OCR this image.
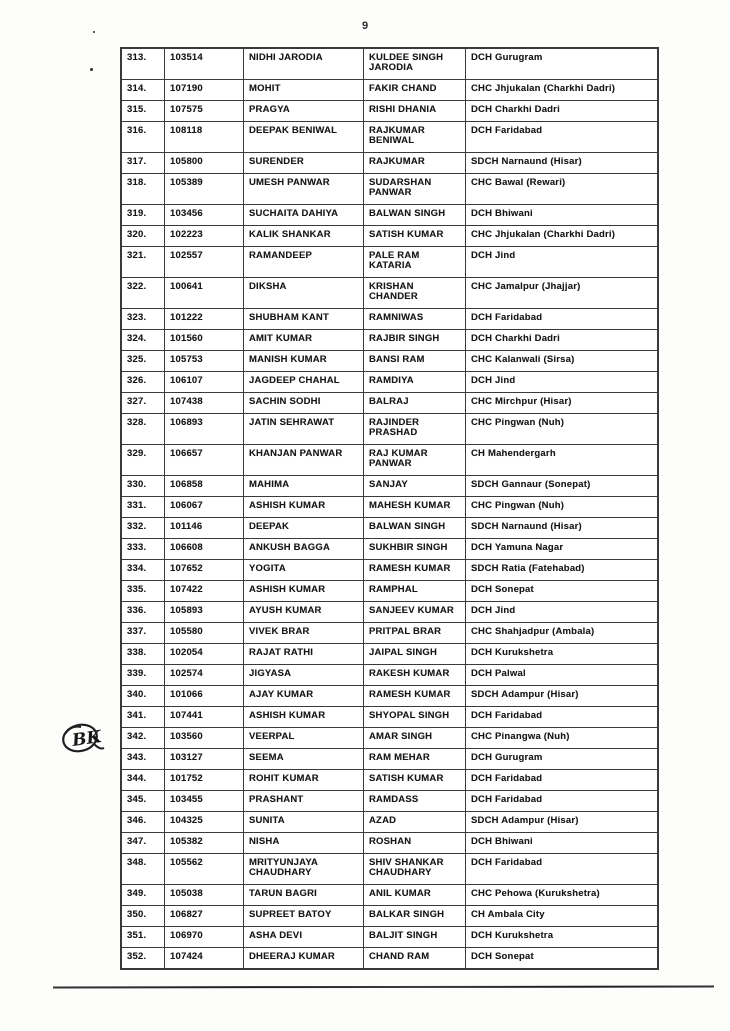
9
BK
313.	103514	NIDHI JARODIA	KULDEE SINGH JARODIA	DCH Gurugram
314.	107190	MOHIT	FAKIR CHAND	CHC Jhjukalan (Charkhi Dadri)
315.	107575	PRAGYA	RISHI DHANIA	DCH Charkhi Dadri
316.	108118	DEEPAK BENIWAL	RAJKUMAR BENIWAL	DCH Faridabad
317.	105800	SURENDER	RAJKUMAR	SDCH Narnaund (Hisar)
318.	105389	UMESH PANWAR	SUDARSHAN PANWAR	CHC Bawal (Rewari)
319.	103456	SUCHAITA DAHIYA	BALWAN SINGH	DCH Bhiwani
320.	102223	KALIK SHANKAR	SATISH KUMAR	CHC Jhjukalan (Charkhi Dadri)
321.	102557	RAMANDEEP	PALE RAM KATARIA	DCH Jind
322.	100641	DIKSHA	KRISHAN CHANDER	CHC Jamalpur (Jhajjar)
323.	101222	SHUBHAM KANT	RAMNIWAS	DCH Faridabad
324.	101560	AMIT KUMAR	RAJBIR SINGH	DCH Charkhi Dadri
325.	105753	MANISH KUMAR	BANSI RAM	CHC Kalanwali (Sirsa)
326.	106107	JAGDEEP CHAHAL	RAMDIYA	DCH Jind
327.	107438	SACHIN SODHI	BALRAJ	CHC Mirchpur (Hisar)
328.	106893	JATIN SEHRAWAT	RAJINDER PRASHAD	CHC Pingwan (Nuh)
329.	106657	KHANJAN PANWAR	RAJ KUMAR PANWAR	CH Mahendergarh
330.	106858	MAHIMA	SANJAY	SDCH Gannaur (Sonepat)
331.	106067	ASHISH KUMAR	MAHESH KUMAR	CHC Pingwan (Nuh)
332.	101146	DEEPAK	BALWAN SINGH	SDCH Narnaund (Hisar)
333.	106608	ANKUSH BAGGA	SUKHBIR SINGH	DCH Yamuna Nagar
334.	107652	YOGITA	RAMESH KUMAR	SDCH Ratia (Fatehabad)
335.	107422	ASHISH KUMAR	RAMPHAL	DCH Sonepat
336.	105893	AYUSH KUMAR	SANJEEV KUMAR	DCH Jind
337.	105580	VIVEK BRAR	PRITPAL BRAR	CHC Shahjadpur (Ambala)
338.	102054	RAJAT RATHI	JAIPAL SINGH	DCH Kurukshetra
339.	102574	JIGYASA	RAKESH KUMAR	DCH Palwal
340.	101066	AJAY KUMAR	RAMESH KUMAR	SDCH Adampur (Hisar)
341.	107441	ASHISH KUMAR	SHYOPAL SINGH	DCH Faridabad
342.	103560	VEERPAL	AMAR SINGH	CHC Pinangwa (Nuh)
343.	103127	SEEMA	RAM MEHAR	DCH Gurugram
344.	101752	ROHIT KUMAR	SATISH KUMAR	DCH Faridabad
345.	103455	PRASHANT	RAMDASS	DCH Faridabad
346.	104325	SUNITA	AZAD	SDCH Adampur (Hisar)
347.	105382	NISHA	ROSHAN	DCH Bhiwani
348.	105562	MRITYUNJAYA CHAUDHARY	SHIV SHANKAR CHAUDHARY	DCH Faridabad
349.	105038	TARUN BAGRI	ANIL KUMAR	CHC Pehowa (Kurukshetra)
350.	106827	SUPREET BATOY	BALKAR SINGH	CH Ambala City
351.	106970	ASHA DEVI	BALJIT SINGH	DCH Kurukshetra
352.	107424	DHEERAJ KUMAR	CHAND RAM	DCH Sonepat
